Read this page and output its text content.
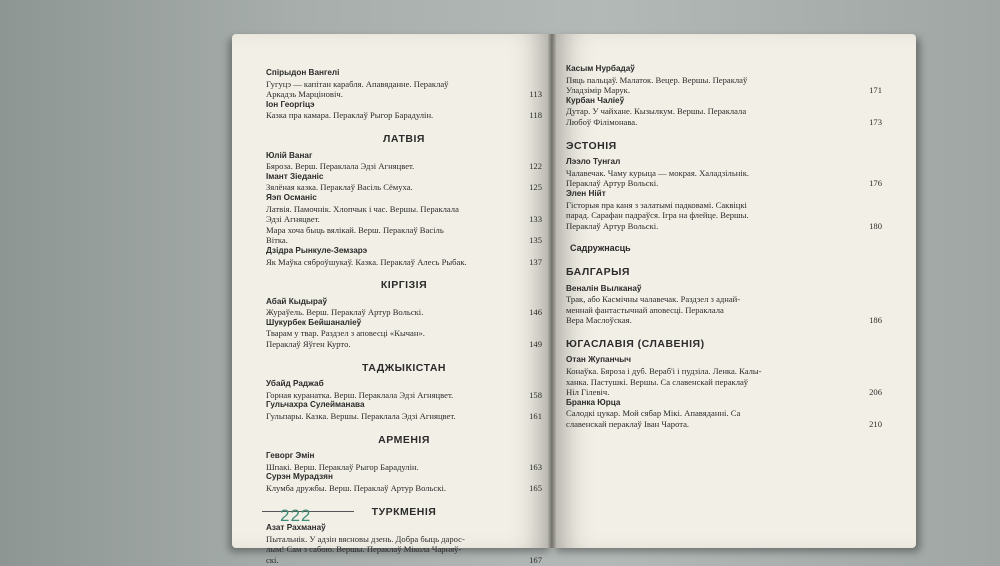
Спірыдон Вангелі
Гугуцэ — капітан карабля. Апавяданне. Пераклаў
Аркадзь Марціновіч.	113
Іон Георгіцэ
Казка пра камара. Пераклаў Рыгор Барадулін.	118
ЛАТВІЯ
Юлій Ванаг
Бяроза. Верш. Пераклала Эдзі Агняцвет.	122
Імант Зіеданіс
Зялёная казка. Пераклаў Васіль Сёмуха.	125
Яэп Османіс
Латвія. Памочнік. Хлопчык і час. Вершы. Пераклала
Эдзі Агняцвет.	133
Мара хоча быць вялікай. Верш. Пераклаў Васіль
Вітка.	135
Дзідра Рынкуле-Земзарэ
Як Маўка сябрoўшукаў. Казка. Пераклаў Алесь Рыбак.	137
КІРГІЗІЯ
Абай Кыдыраў
Жураўель. Верш. Пераклаў Артур Вольскі.	146
Шукурбек Бейшаналіеў
Тварам у твар. Раздзел з аповесці «Кычан».
Пераклаў Яўген Курто.	149
ТАДЖЫКІСТАН
Убайд Раджаб
Горная куранатка. Верш. Пераклала Эдзі Агняцвет.	158
Гульчахра Сулейманава
Гульпары. Казка. Вершы. Пераклала Эдзі Агняцвет.	161
АРМЕНІЯ
Геворг Эмін
Шпакі. Верш. Пераклаў Рыгор Барадулін.	163
Сурэн Мурадзян
Клумба дружбы. Верш. Пераклаў Артур Вольскі.	165
ТУРКМЕНІЯ
Азат Рахманаў
Пытальнік. У адзін вясновы дзень. Добра быць дарос-
лым! Сам з сабою. Вершы. Пераклаў Мікола Чарняў-
скі.	167
222
Касым Нурбадаў
Пяць пальцаў. Малаток. Вецер. Вершы. Пераклаў
Уладзімір Марук.	171
Курбан Чаліеў
Дутар. У чайхане. Кызылкум. Вершы. Пераклала
Любоў Філімонава.	173
ЭСТОНІЯ
Лээло Тунгал
Чалавечак. Чаму курыца — мокрая. Халадзільнік.
Пераклаў Артур Вольскі.	176
Элен Нійт
Гісторыя пра каня з залатымі падковамі. Саквіцкі
парад. Сарафан падраўся. Ігра на флейце. Вершы.
Пераклаў Артур Вольскі.	180
Садружнасць
БАЛГАРЫЯ
Веналін Вылканаў
Трак, або Касмічны чалавечак. Раздзел з аднай-
меннай фантастычнай аповесці. Пераклала
Вера Маслоўская.	186
ЮГАСЛАВІЯ (СЛАВЕНІЯ)
Отан Жупанчыч
Конаўка. Бяроза і дуб. Вераб'і і пудзіла. Ленка. Калы-
ханка. Пастушкі. Вершы. Са славенскай пераклаў
Ніл Гілевіч.	206
Бранка Юрца
Салодкі цукар. Мой сябар Мікі. Апавяданні. Са
славенскай пераклаў Іван Чарота.	210
